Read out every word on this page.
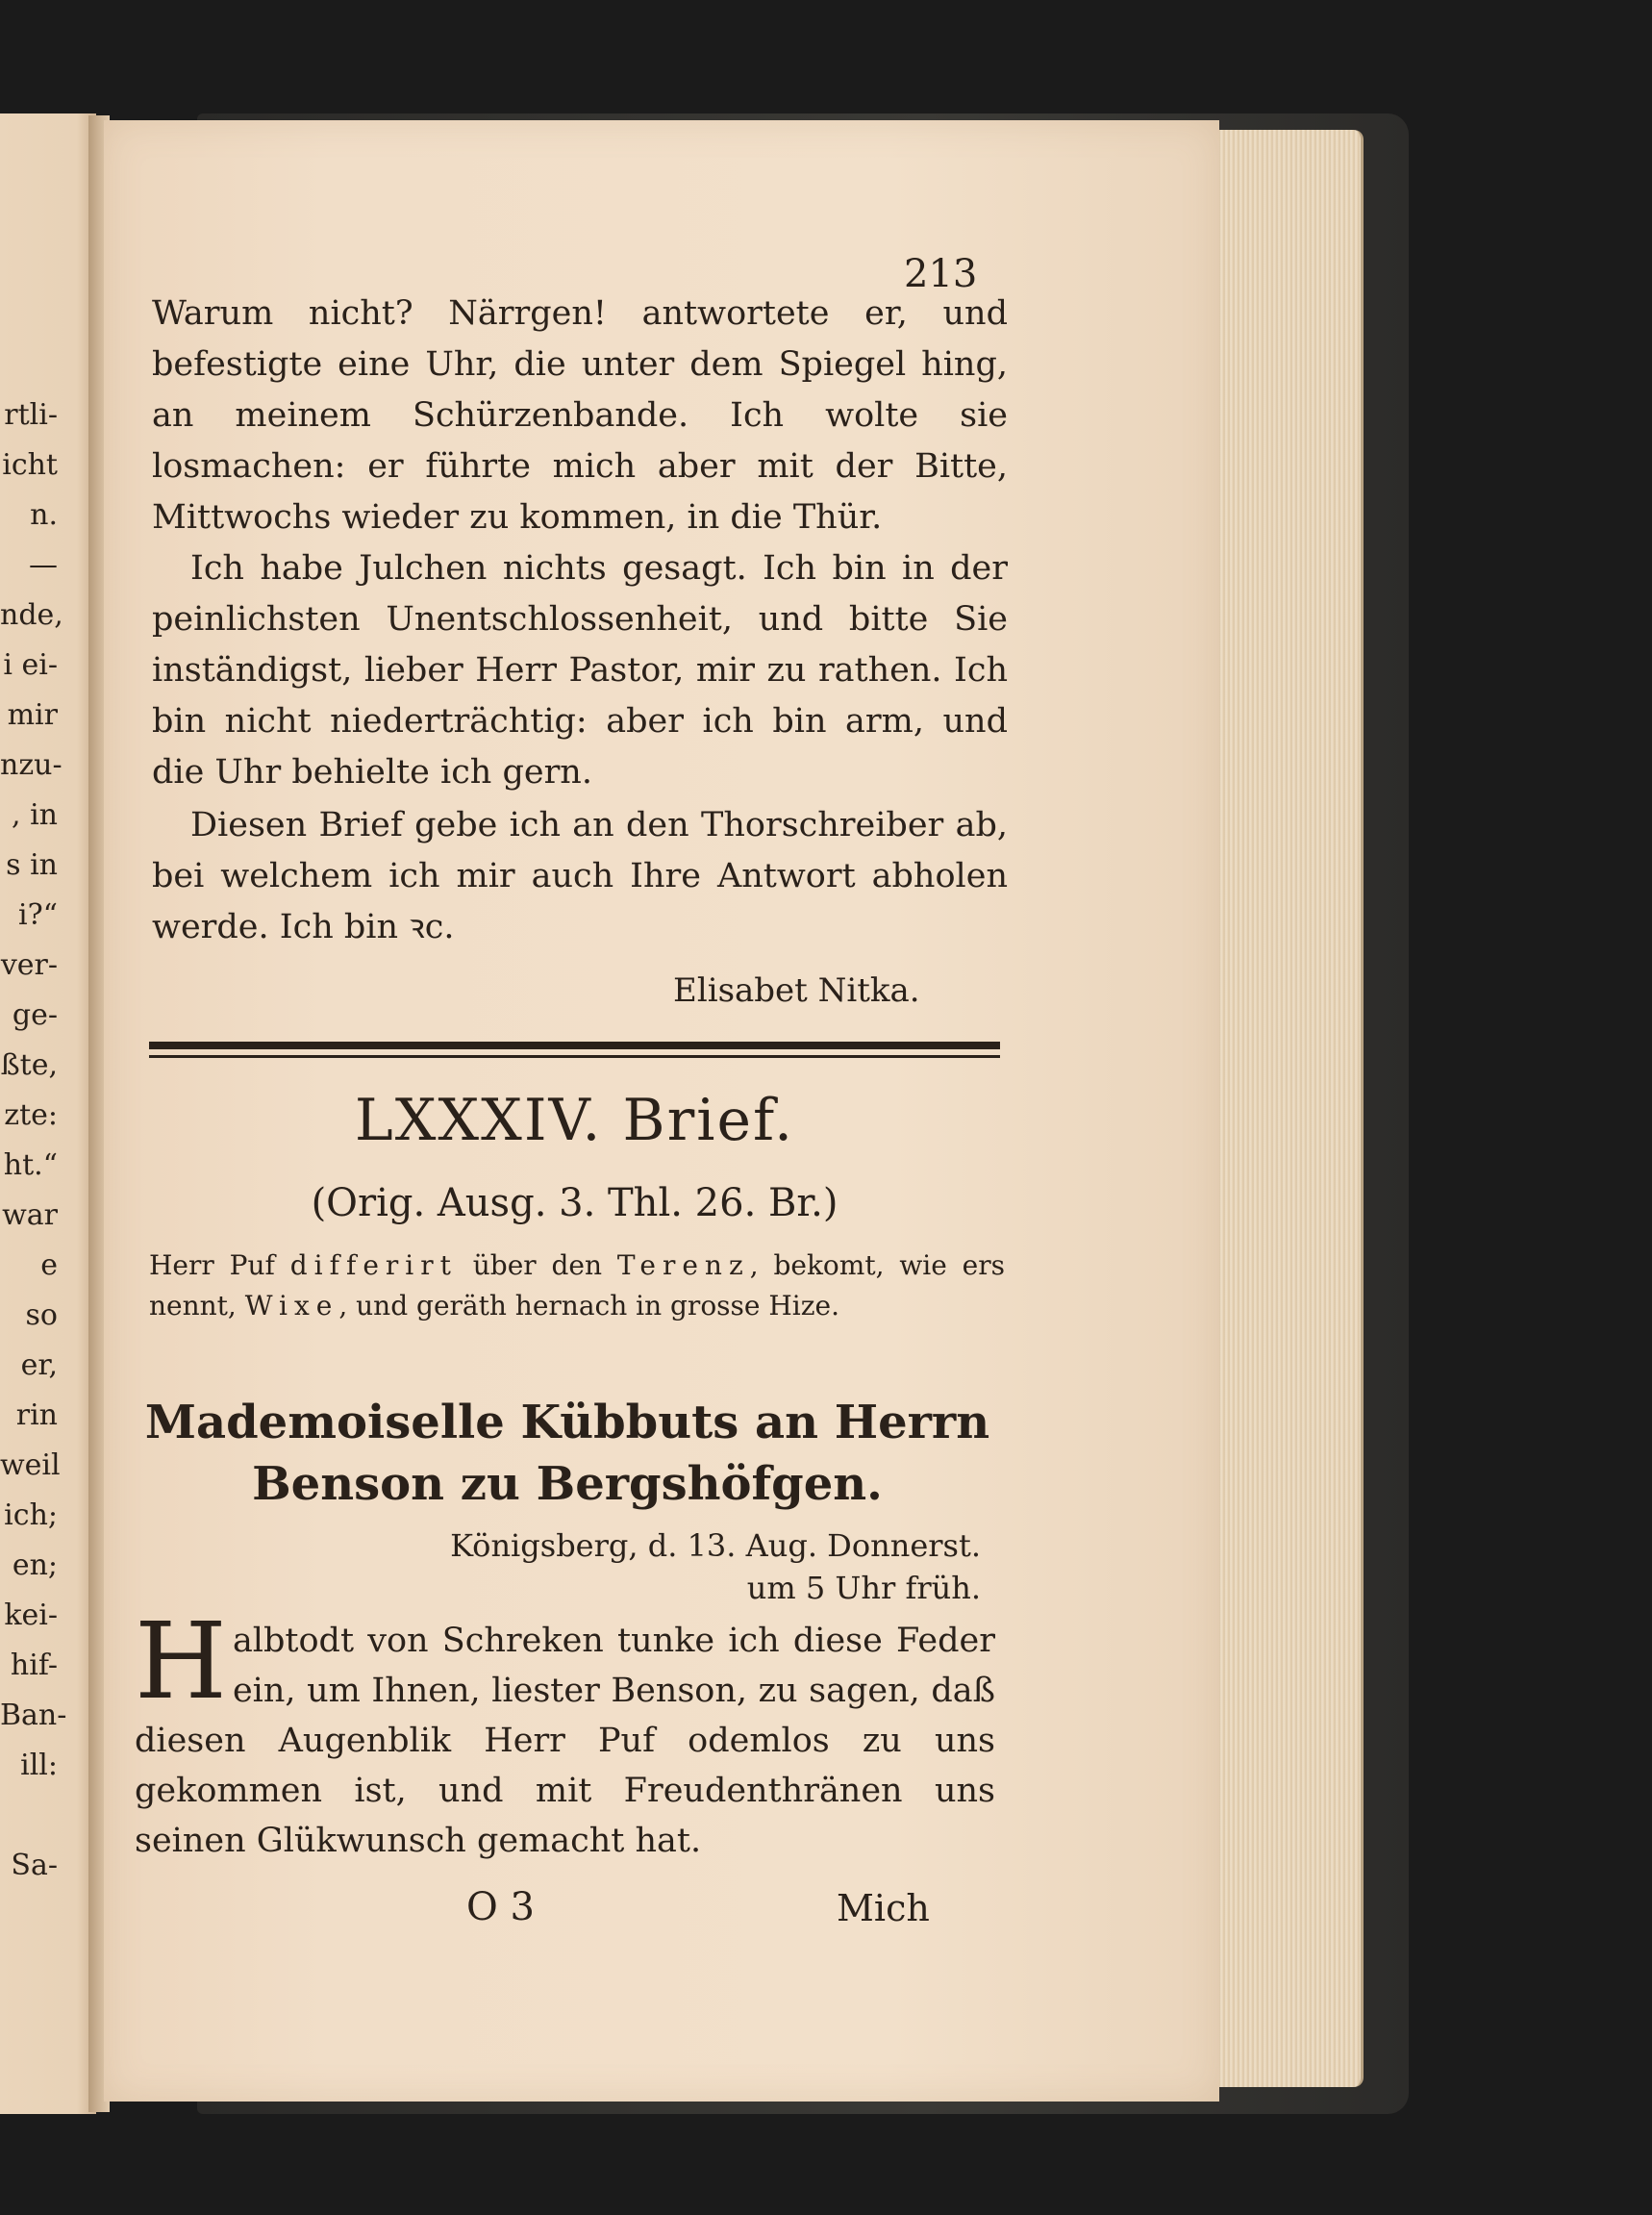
rtli-
icht
n.
—
nde,
i ei-
mir
nzu-
, in
s in
i?“
ver-
ge-
ßte,
zte:
ht.“
war
e so
er,
rin
weil
ich;
en;
kei-
hif-
Ban-
ill:

Sa-
213

Warum nicht? Närrgen! antwortete er, und befestigte eine Uhr, die unter dem Spiegel hing, an meinem Schürzenbande. Ich wolte sie losmachen: er führte mich aber mit der Bitte, Mittwochs wieder zu kommen, in die Thür.

Ich habe Julchen nichts gesagt. Ich bin in der peinlichsten Unentschlossenheit, und bitte Sie inständigst, lieber Herr Pastor, mir zu rathen. Ich bin nicht niederträchtig: aber ich bin arm, und die Uhr behielte ich gern.

Diesen Brief gebe ich an den Thorschreiber ab, bei welchem ich mir auch Ihre Antwort abholen werde. Ich bin ꝛc.

Elisabet Nitka.
LXXXIV. Brief.
(Orig. Ausg. 3. Thl. 26. Br.)
Herr Puf differirt über den Terenz, bekomt, wie ers nennt, Wixe, und geräth hernach in grosse Hize.
Mademoiselle Kübbuts an Herrn Benson zu Bergshöfgen.
Königsberg, d. 13. Aug. Donnerst.
um 5 Uhr früh.

Halbtodt von Schreken tunke ich diese Feder ein, um Ihnen, liester Benson, zu sagen, daß diesen Augenblik Herr Puf odemlos zu uns gekommen ist, und mit Freudenthränen uns seinen Glükwunsch gemacht hat.

O 3	Mich
